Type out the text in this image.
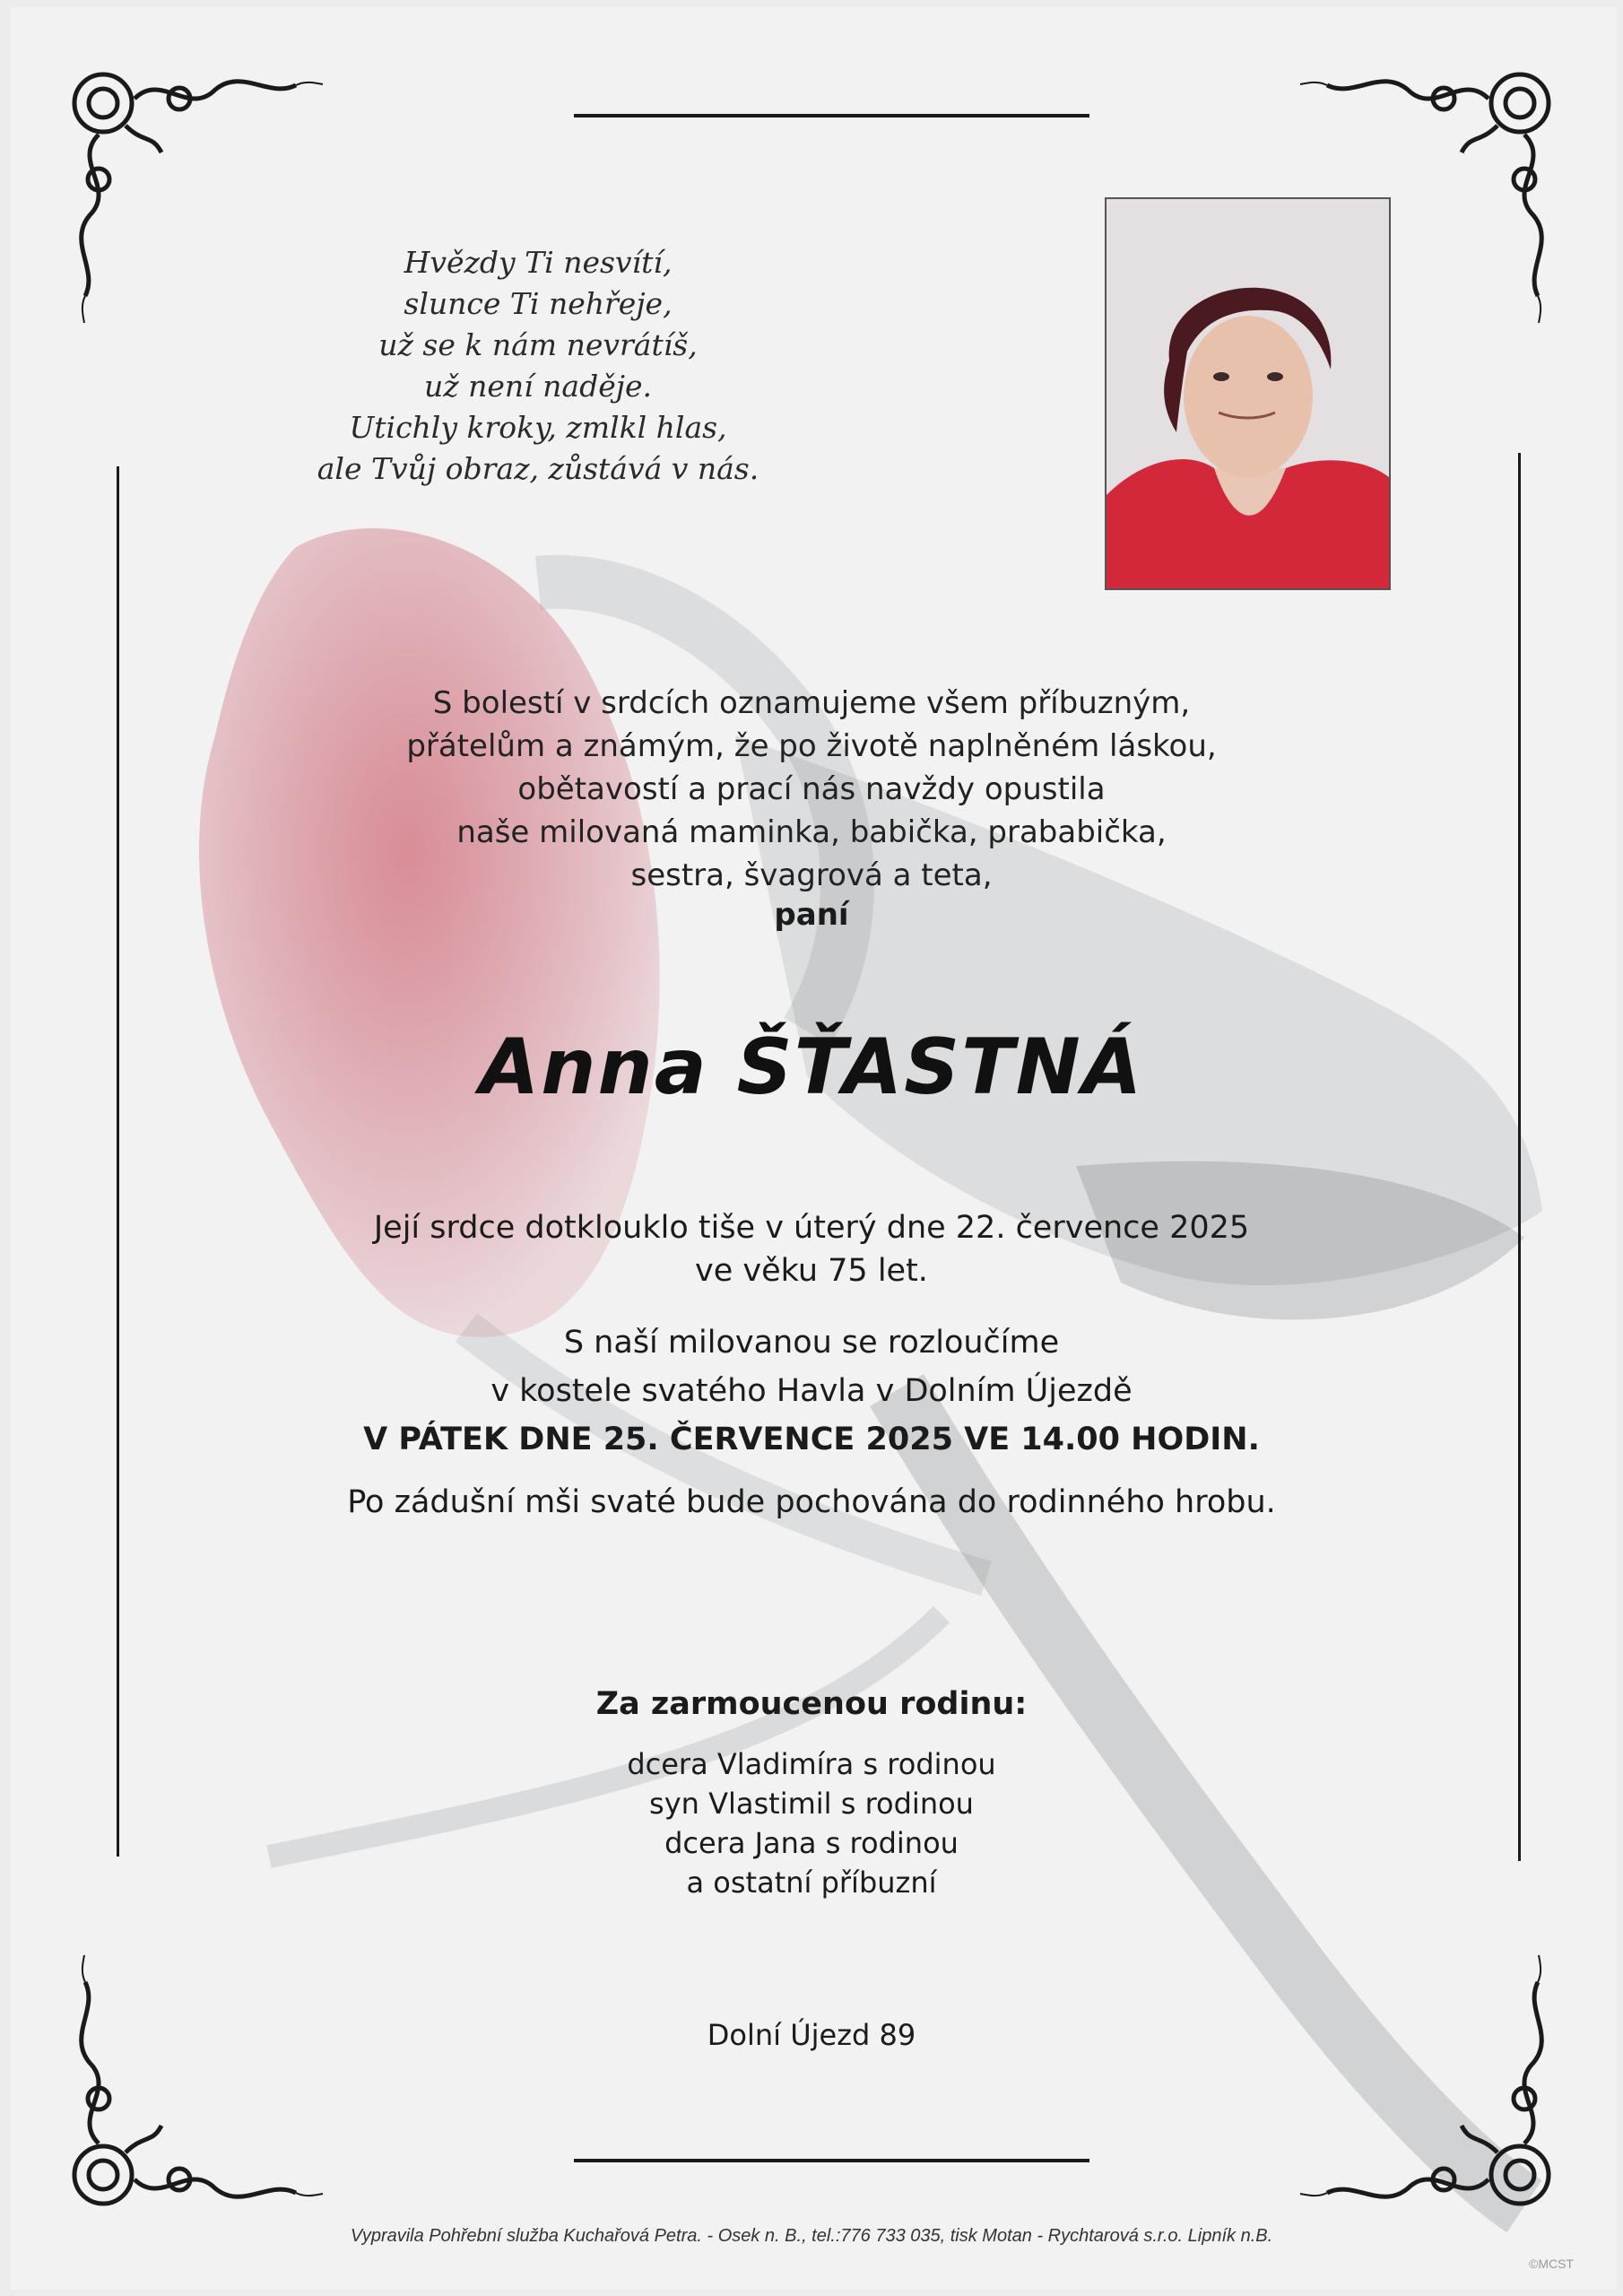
Hvězdy Ti nesvítí,
slunce Ti nehřeje,
už se k nám nevrátíš,
už není naděje.
Utichly kroky, zmlkl hlas,
ale Tvůj obraz, zůstává v nás.
S bolestí v srdcích oznamujeme všem příbuzným,
přátelům a známým, že po životě naplněném láskou,
obětavostí a prací nás navždy opustila
naše milovaná maminka, babička, prababička,
sestra, švagrová a teta,
paní
Anna ŠŤASTNÁ
Její srdce dotklouklo tiše v úterý dne 22. července 2025
ve věku 75 let.
S naší milovanou se rozloučíme
v kostele svatého Havla v Dolním Újezdě
V PÁTEK DNE 25. ČERVENCE 2025 VE 14.00 HODIN.
Po zádušní mši svaté bude pochována do rodinného hrobu.
Za zarmoucenou rodinu:
dcera Vladimíra s rodinou
syn Vlastimil s rodinou
dcera Jana s rodinou
a ostatní příbuzní
Dolní Újezd 89
Vypravila Pohřební služba Kuchařová Petra. - Osek n. B., tel.:776 733 035, tisk Motan - Rychtarová s.r.o. Lipník n.B.
©MCST
